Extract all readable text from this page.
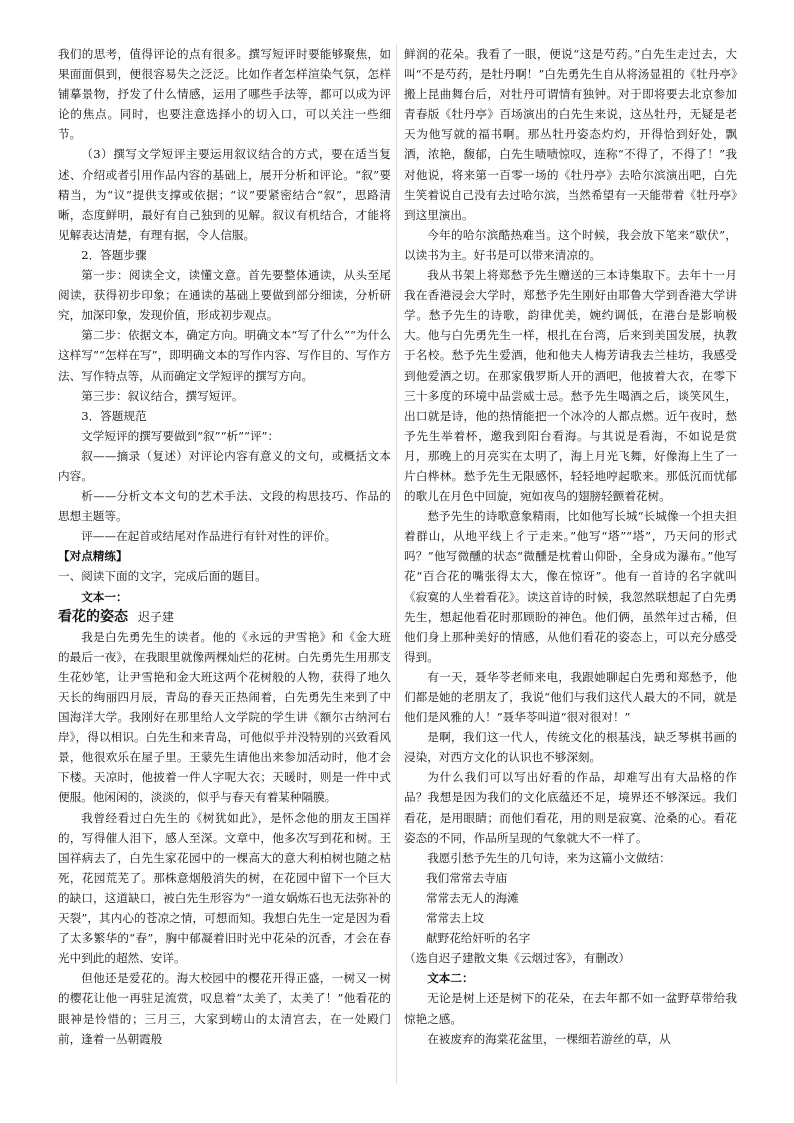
我们的思考，值得评论的点有很多。撰写短评时要能够聚焦，如果面面俱到，便很容易失之泛泛。比如作者怎样渲染气氛，怎样铺摹景物，抒发了什么情感，运用了哪些手法等，都可以成为评论的焦点。同时，也要注意选择小的切入口，可以关注一些细节。

（3）撰写文学短评主要运用叙议结合的方式，要在适当复述、介绍或者引用作品内容的基础上，展开分析和评论。“叙”要精当，为“议”提供支撑或依据；“议”要紧密结合“叙”，思路清晰，态度鲜明，最好有自己独到的见解。叙议有机结合，才能将见解表达清楚，有理有据，令人信服。

2．答题步骤

第一步：阅读全文，读懂文意。首先要整体通读，从头至尾阅读，获得初步印象；在通读的基础上要做到部分细读，分析研究，加深印象，发现价值，形成初步观点。

第二步：依据文本，确定方向。明确文本“写了什么”“为什么这样写”“怎样在写”，即明确文本的写作内容、写作目的、写作方法、写作特点等，从而确定文学短评的撰写方向。

第三步：叙议结合，撰写短评。

3．答题规范

文学短评的撰写要做到“叙”“析”“评”：

叙——摘录（复述）对评论内容有意义的文句，或概括文本内容。

析——分析文本文句的艺术手法、文段的构思技巧、作品的思想主题等。

评——在起首或结尾对作品进行有针对性的评价。

【对点精练】

一、阅读下面的文字，完成后面的题目。

文本一：

看花的姿态 迟子建

我是白先勇先生的读者。他的《永远的尹雪艳》和《金大班的最后一夜》，在我眼里就像两棵灿烂的花树。白先勇先生用那支生花妙笔，让尹雪艳和金大班这两个花树般的人物，获得了地久天长的绚丽四月辰，青岛的春天正热闹着，白先勇先生来到了中国海洋大学。我刚好在那里给人文学院的学生讲《额尔古纳河右岸》，得以相识。白先生和来青岛，可他似乎并没特别的兴致看风景，他很欢乐在屋子里。王蒙先生请他出来参加活动时，他才会下楼。天凉时，他披着一件人字呢大衣；天暖时，则是一件中式便服。他闲闲的，淡淡的，似乎与春天有着某种隔膜。

我曾经看过白先生的《树犹如此》，是怀念他的朋友王国祥的，写得催人泪下，感人至深。文章中，他多次写到花和树。王国祥病去了，白先生家花园中的一棵高大的意大利柏树也随之枯死，花园荒芜了。那株意烟般消失的树，在花园中留下一个巨大的缺口，这道缺口，被白先生形容为“一道女娲炼石也无法弥补的天裂”，其内心的苍凉之情，可想而知。我想白先生一定是因为看了太多繁华的“春”，胸中郁凝着旧时光中花朵的沉香，才会在春光中到此的超然、安详。

但他还是爱花的。海大校园中的樱花开得正盛，一树又一树的樱花让他一再驻足流赏，叹息着“太美了，太美了！”他看花的眼神是怜惜的；三月三，大家到崂山的太清宫去，在一处殿门前，逢着一丛朝霞般

鲜润的花朵。我看了一眼，便说“这是芍药。”白先生走过去，大叫“不是芍药，是牡丹啊！”白先勇先生自从将汤显祖的《牡丹亭》搬上昆曲舞台后，对牡丹可谓情有独钟。对于即将要去北京参加青春版《牡丹亭》百场演出的白先生来说，这丛牡丹，无疑是老天为他写就的福书啊。那丛牡丹姿态灼灼，开得恰到好处，飘洒，浓艳，馥郁，白先生啧啧惊叹，连称“不得了，不得了！”我对他说，将来第一百零一场的《牡丹亭》去哈尔滨演出吧，白先生笑着说自己没有去过哈尔滨，当然希望有一天能带着《牡丹亭》到这里演出。

今年的哈尔滨酷热难当。这个时候，我会放下笔来“歇伏”，以读书为主。好书是可以带来清凉的。

我从书架上将郑愁予先生赠送的三本诗集取下。去年十一月我在香港浸会大学时，郑愁予先生刚好由耶鲁大学到香港大学讲学。愁予先生的诗歌，韵律优美，婉约调低，在港台是影响极大。他与白先勇先生一样，根扎在台湾，后来到美国发展，执教于名校。愁予先生爱酒，他和他夫人梅芳请我去兰桂坊，我感受到他爱酒之切。在那家俄罗斯人开的酒吧，他披着大衣，在零下三十多度的环境中品尝威士忌。愁予先生喝酒之后，谈笑风生，出口就是诗，他的热情能把一个冰冷的人都点燃。近午夜时，愁予先生举着杯，邀我到阳台看海。与其说是看海，不如说是赏月，那晚上的月亮实在太明了，海上月光飞舞，好像海上生了一片白桦林。愁予先生无限感怀，轻轻地哼起歌来。那低沉而忧郁的歌儿在月色中回旋，宛如夜鸟的翅膀轻颤着花树。

愁予先生的诗歌意象精雨，比如他写长城“长城像一个担夫担着群山，从地平线上彳亍走来。”他写“塔”“塔”，乃天问的形式吗？”他写微醺的状态“微醺是枕着山仰卧，全身成为瀑布。”他写花“百合花的嘴张得太大，像在惊讶”。他有一首诗的名字就叫《寂寞的人坐着看花》。读这首诗的时候，我忽然联想起了白先勇先生，想起他看花时那顾盼的神色。他们俩，虽然年过古稀，但他们身上那种美好的情感，从他们看花的姿态上，可以充分感受得到。

有一天，聂华苓老师来电，我跟她聊起白先勇和郑愁予，他们都是她的老朋友了，我说“他们与我们这代人最大的不同，就是他们是风雅的人！”聂华苓叫道“很对很对！”

是啊，我们这一代人，传统文化的根基浅，缺乏琴棋书画的浸染，对西方文化的认识也不够深刻。

为什么我们可以写出好看的作品，却难写出有大品格的作品？我想是因为我们的文化底蕴还不足，境界还不够深远。我们看花，是用眼睛；而他们看花，用的则是寂寞、沧桑的心。看花姿态的不同，作品所呈现的气象就大不一样了。

我愿引愁予先生的几句诗，来为这篇小文做结：

我们常常去寺庙

常常去无人的海滩

常常去上坟

献野花给奸听的名字

（选自迟子建散文集《云烟过客》，有删改）

文本二：

无论是树上还是树下的花朵，在去年都不如一盆野草带给我惊艳之感。

在被废弃的海棠花盆里，一棵细若游丝的草，从
